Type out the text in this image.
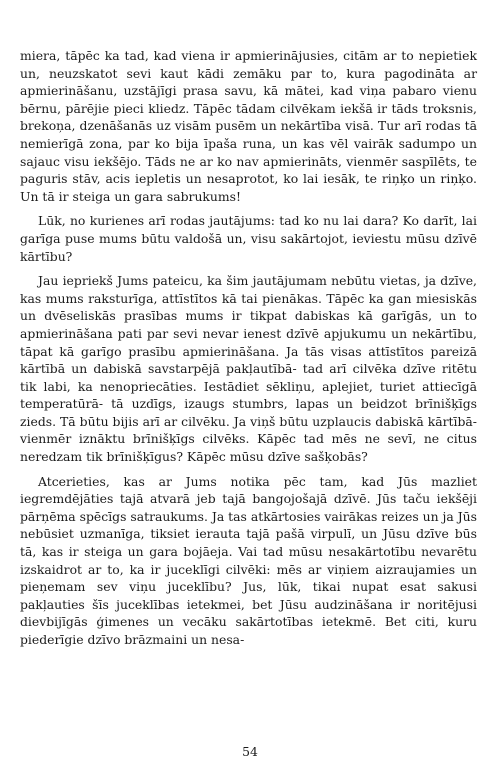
miera, tāpēc ka tad, kad viena ir apmierinājusies, citām ar to nepietiek un, neuzskatot sevi kaut kādi zemāku par to, kura pagodināta ar apmierināšanu, uzstājīgi prasa savu, kā mātei, kad viņa pabaro vienu bērnu, pārējie pieci kliedz. Tāpēc tādam cilvēkam iekšā ir tāds troksnis, brekoņa, dzenāšanās uz visām pusēm un nekārtība visā. Tur arī rodas tā nemierīgā zona, par ko bija īpaša runa, un kas vēl vairāk sadumpo un sajauc visu iekšējo. Tāds ne ar ko nav apmierināts, vienmēr saspīlēts, te paguris stāv, acis iepletis un nesaprotot, ko lai iesāk, te riņķo un riņķo. Un tā ir steiga un gara sabrukums!

Lūk, no kurienes arī rodas jautājums: tad ko nu lai dara? Ko darīt, lai garīga puse mums būtu valdošā un, visu sakārtojot, ieviestu mūsu dzīvē kārtību?

Jau iepriekš Jums pateicu, ka šim jautājumam nebūtu vietas, ja dzīve, kas mums raksturīga, attīstītos kā tai pienākas. Tāpēc ka gan miesiskās un dvēseliskās prasības mums ir tikpat dabiskas kā garīgās, un to apmierināšana pati par sevi nevar ienest dzīvē apjukumu un nekārtību, tāpat kā garīgo prasību apmierināšana. Ja tās visas attīstītos pareizā kārtībā un dabiskā savstarpējā pakļautībā- tad arī cilvēka dzīve ritētu tik labi, ka nenopriecāties. Iestādiet sēkliņu, aplejiet, turiet attiecīgā temperatūrā- tā uzdīgs, izaugs stumbrs, lapas un beidzot brīnišķīgs zieds. Tā būtu bijis arī ar cilvēku. Ja viņš būtu uzplaucis dabiskā kārtībā- vienmēr iznāktu brīnišķīgs cilvēks. Kāpēc tad mēs ne sevī, ne citus neredzam tik brīnišķīgus? Kāpēc mūsu dzīve sašķobās?

Atcerieties, kas ar Jums notika pēc tam, kad Jūs mazliet iegremdējāties tajā atvarā jeb tajā bangojošajā dzīvē. Jūs taču iekšēji pārņēma spēcīgs satraukums. Ja tas atkārtosies vairākas reizes un ja Jūs nebūsiet uzmanīga, tiksiet ierauta tajā pašā virpulī, un Jūsu dzīve būs tā, kas ir steiga un gara bojāeja. Vai tad mūsu nesakārtotību nevarētu izskaidrot ar to, ka ir juceklīgi cilvēki: mēs ar viņiem aizraujamies un pieņemam sev viņu juceklību? Jus, lūk, tikai nupat esat sakusi pakļauties šīs juceklības ietekmei, bet Jūsu audzināšana ir noritējusi dievbijīgās ģimenes un vecāku sakārtotības ietekmē. Bet citi, kuru piederīgie dzīvo brāzmaini un nesa-

54
